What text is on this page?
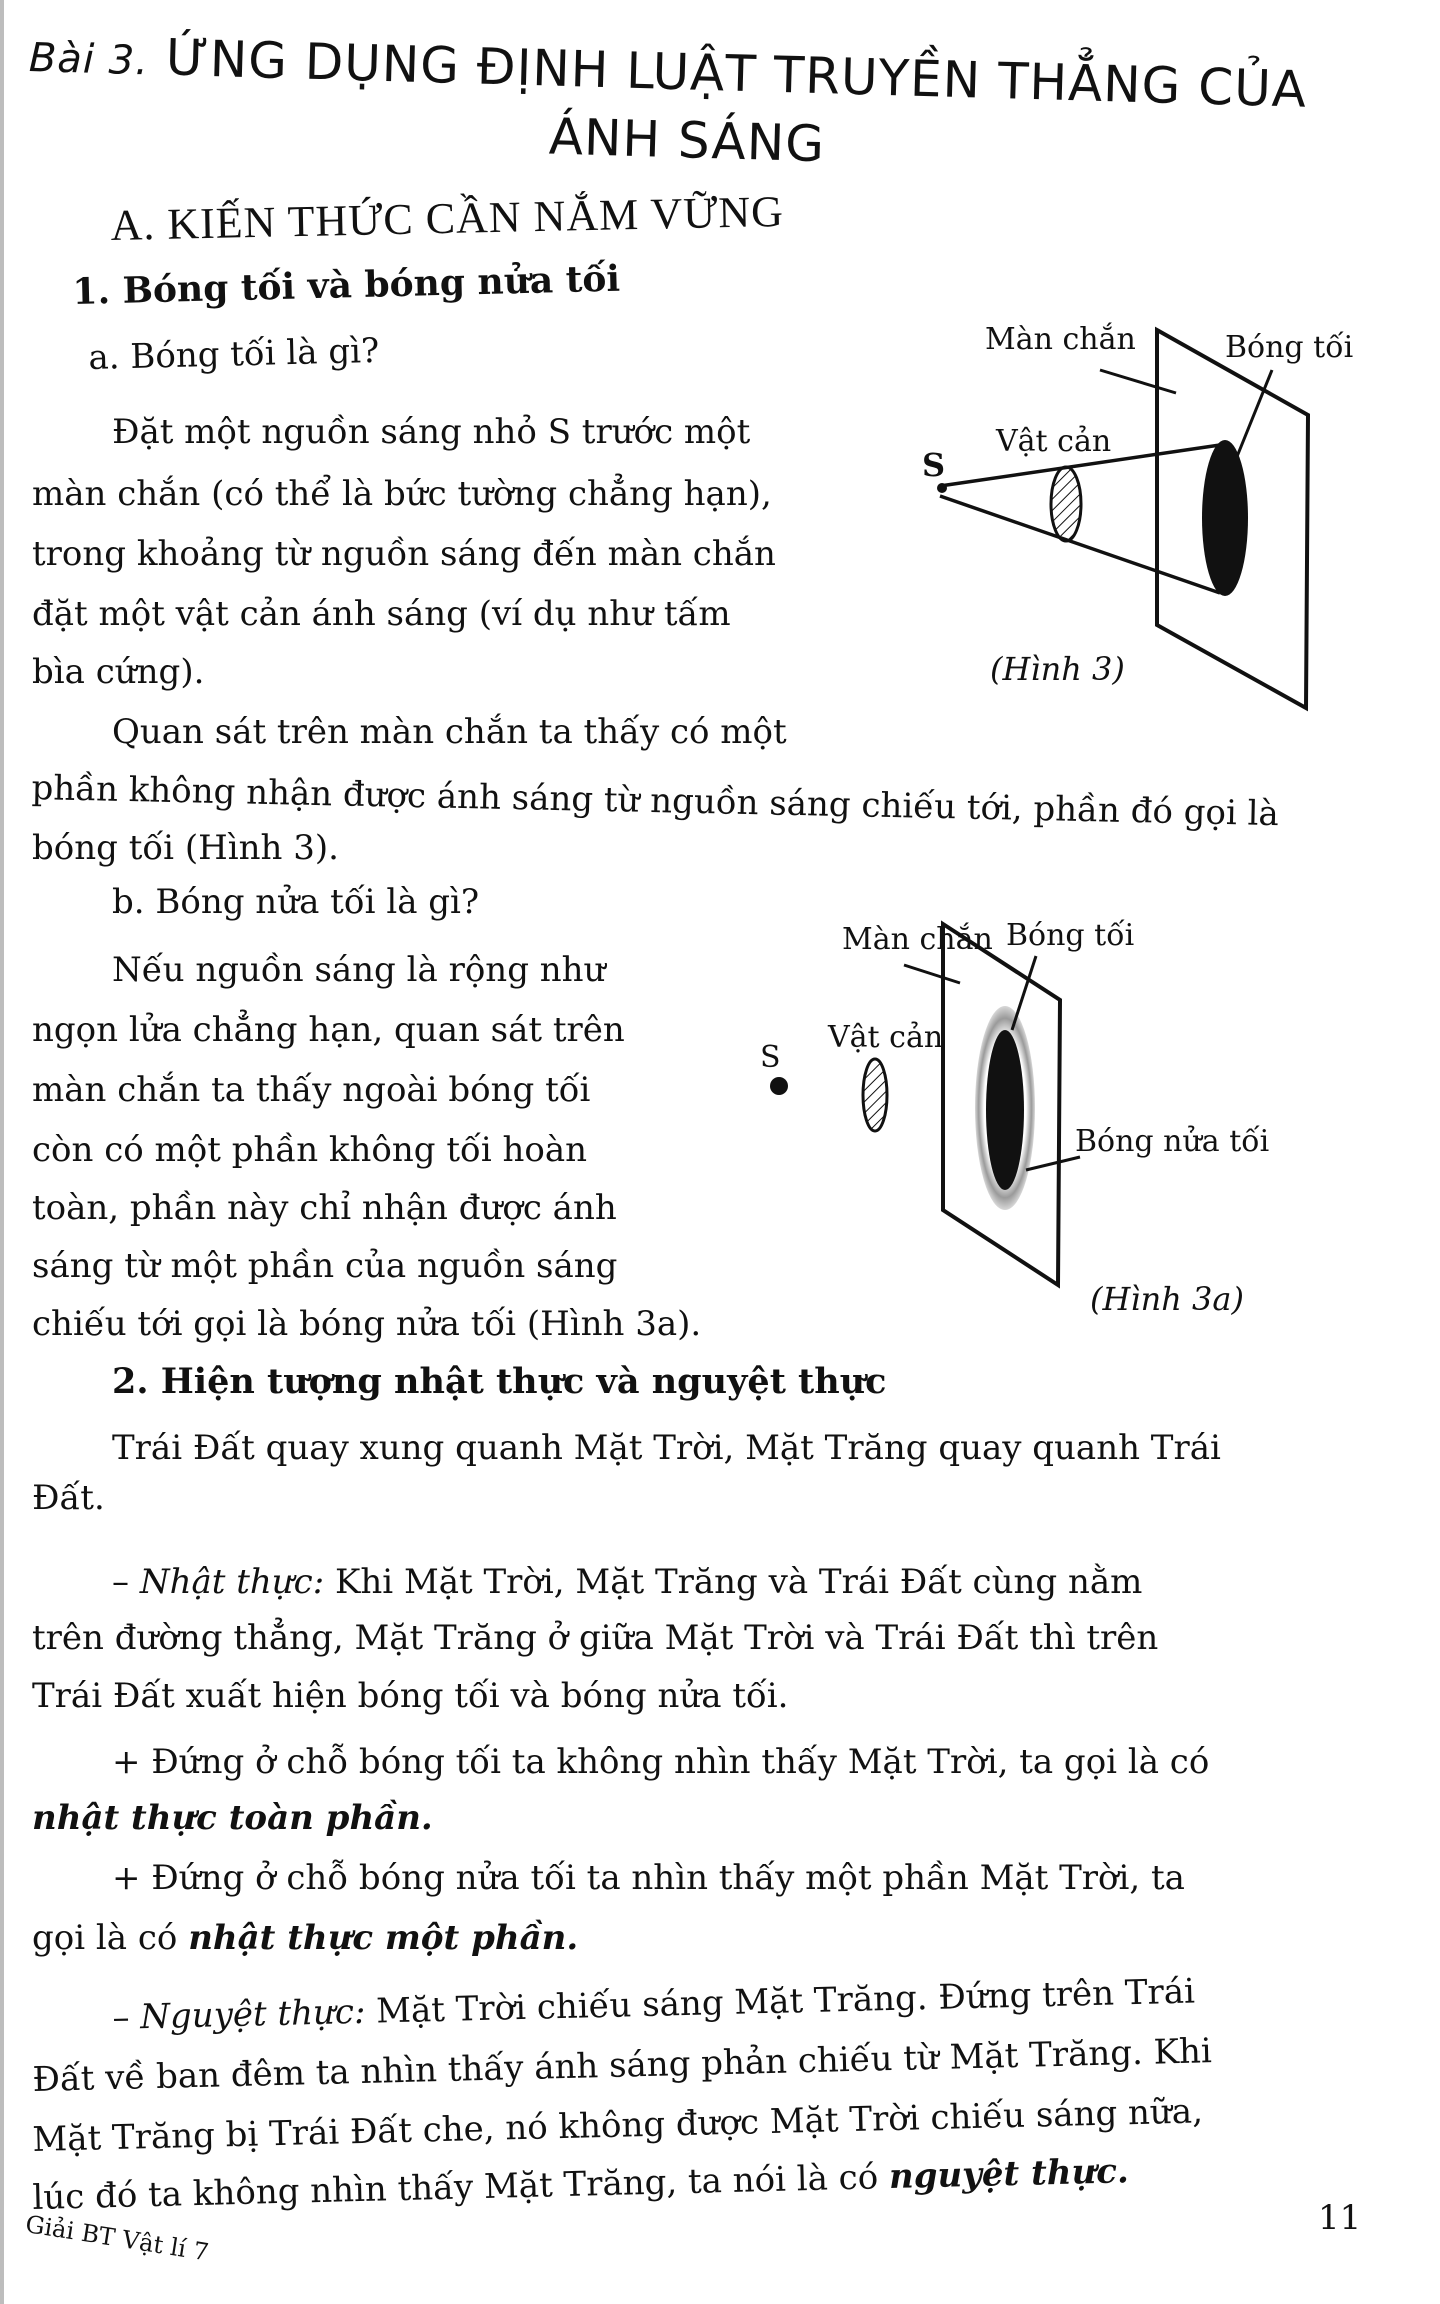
Bài 3. ỨNG DỤNG ĐỊNH LUẬT TRUYỀN THẲNG CỦA
ÁNH SÁNG
A. KIẾN THỨC CẦN NẮM VỮNG
1. Bóng tối và bóng nửa tối
a. Bóng tối là gì?
Đặt một nguồn sáng nhỏ S trước một
màn chắn (có thể là bức tường chẳng hạn),
trong khoảng từ nguồn sáng đến màn chắn
đặt một vật cản ánh sáng (ví dụ như tấm
bìa cứng).
Quan sát trên màn chắn ta thấy có một
phần không nhận được ánh sáng từ nguồn sáng chiếu tới, phần đó gọi là
bóng tối (Hình 3).
b. Bóng nửa tối là gì?
Nếu nguồn sáng là rộng như
ngọn lửa chẳng hạn, quan sát trên
màn chắn ta thấy ngoài bóng tối
còn có một phần không tối hoàn
toàn, phần này chỉ nhận được ánh
sáng từ một phần của nguồn sáng
chiếu tới gọi là bóng nửa tối (Hình 3a).
Màn chắn	Bóng tối
Vật cản
S
(Hình 3)
Màn chắn Bóng tối
Vật cản
S
Bóng nửa tối
(Hình 3a)
2. Hiện tượng nhật thực và nguyệt thực
Trái Đất quay xung quanh Mặt Trời, Mặt Trăng quay quanh Trái
Đất.
– Nhật thực: Khi Mặt Trời, Mặt Trăng và Trái Đất cùng nằm
trên đường thẳng, Mặt Trăng ở giữa Mặt Trời và Trái Đất thì trên
Trái Đất xuất hiện bóng tối và bóng nửa tối.
+ Đứng ở chỗ bóng tối ta không nhìn thấy Mặt Trời, ta gọi là có
nhật thực toàn phần.
+ Đứng ở chỗ bóng nửa tối ta nhìn thấy một phần Mặt Trời, ta
gọi là có nhật thực một phần.
– Nguyệt thực: Mặt Trời chiếu sáng Mặt Trăng. Đứng trên Trái
Đất về ban đêm ta nhìn thấy ánh sáng phản chiếu từ Mặt Trăng. Khi
Mặt Trăng bị Trái Đất che, nó không được Mặt Trời chiếu sáng nữa,
lúc đó ta không nhìn thấy Mặt Trăng, ta nói là có nguyệt thực.
Giải BT Vật lí 7	11
